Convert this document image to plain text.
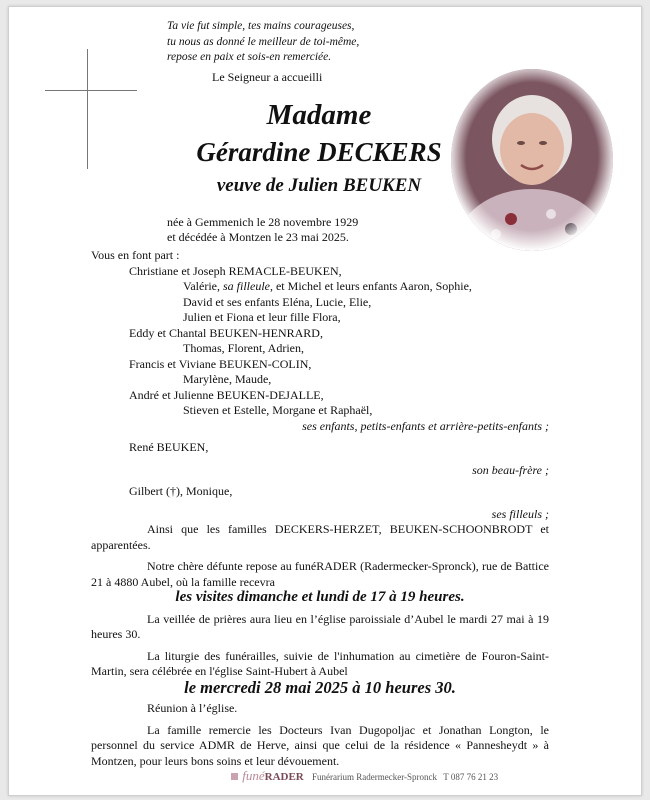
Ta vie fut simple, tes mains courageuses,
tu nous as donné le meilleur de toi-même,
repose en paix et sois-en remerciée.
Le Seigneur a accueilli
Madame
Gérardine DECKERS
veuve de Julien BEUKEN
née à Gemmenich le 28 novembre 1929
et décédée à Montzen le 23 mai 2025.
Vous en font part :
Christiane et Joseph REMACLE-BEUKEN,
Valérie, sa filleule, et Michel et leurs enfants Aaron, Sophie,
David et ses enfants Eléna, Lucie, Elie,
Julien et Fiona et leur fille Flora,
Eddy et Chantal BEUKEN-HENRARD,
Thomas, Florent, Adrien,
Francis et Viviane BEUKEN-COLIN,
Marylène, Maude,
André et Julienne BEUKEN-DEJALLE,
Stieven et Estelle, Morgane et Raphaël,
ses enfants, petits-enfants et arrière-petits-enfants ;
René BEUKEN,
son beau-frère ;
Gilbert (†), Monique,
ses filleuls ;
Ainsi que les familles DECKERS-HERZET, BEUKEN-SCHOONBRODT et apparentées.
Notre chère défunte repose au funéRADER (Radermecker-Spronck), rue de Battice 21 à 4880 Aubel, où la famille recevra
les visites dimanche et lundi de 17 à 19 heures.
La veillée de prières aura lieu en l’église paroissiale d’Aubel le mardi 27 mai à 19 heures 30.
La liturgie des funérailles, suivie de l'inhumation au cimetière de Fouron-Saint-Martin, sera célébrée en l'église Saint-Hubert à Aubel
le mercredi 28 mai 2025 à 10 heures 30.
Réunion à l’église.
La famille remercie les Docteurs Ivan Dugopoljac et Jonathan Longton, le personnel du service ADMR de Herve, ainsi que celui de la résidence « Pannesheydt » à Montzen, pour leurs bons soins et leur dévouement.
funéRADER Funérarium Radermecker-Spronck T 087 76 21 23
